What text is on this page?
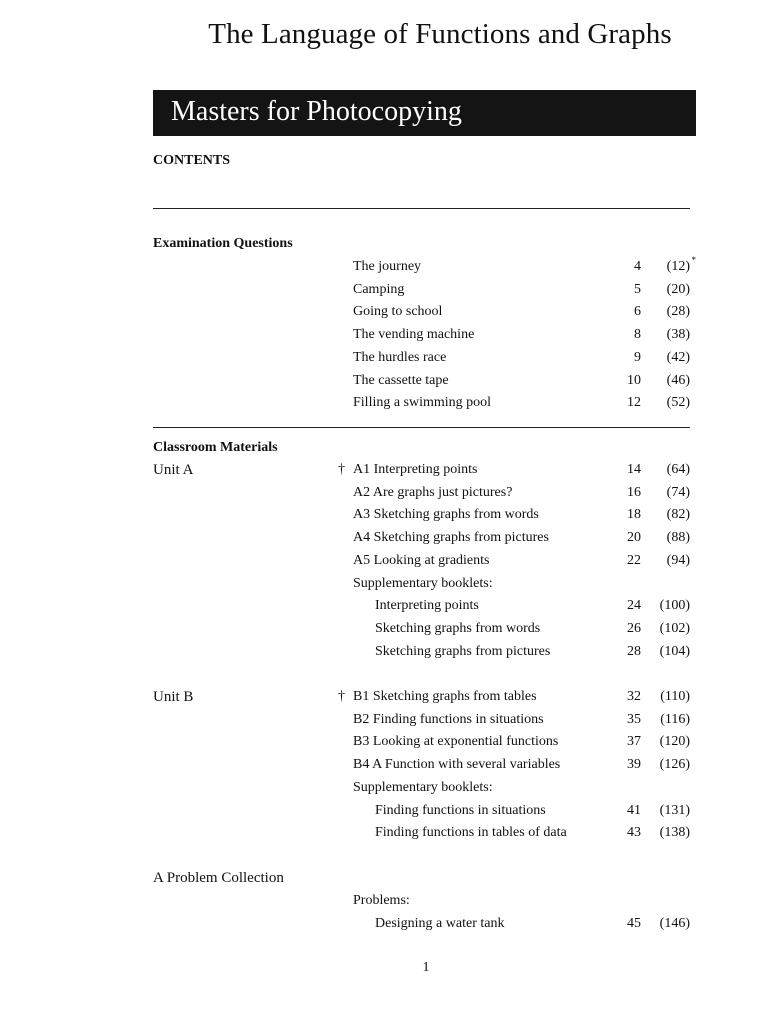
The Language of Functions and Graphs
Masters for Photocopying
CONTENTS
Examination Questions
The journey	4 (12) *
Camping	5 (20)
Going to school	6 (28)
The vending machine	8 (38)
The hurdles race	9 (42)
The cassette tape	10 (46)
Filling a swimming pool	12 (52)
Classroom Materials
Unit A	† A1 Interpreting points	14 (64)
A2 Are graphs just pictures?	16 (74)
A3 Sketching graphs from words	18 (82)
A4 Sketching graphs from pictures	20 (88)
A5 Looking at gradients	22 (94)
Supplementary booklets:
Interpreting points	24 (100)
Sketching graphs from words	26 (102)
Sketching graphs from pictures	28 (104)
Unit B	† B1 Sketching graphs from tables	32 (110)
B2 Finding functions in situations	35 (116)
B3 Looking at exponential functions	37 (120)
B4 A Function with several variables	39 (126)
Supplementary booklets:
Finding functions in situations	41 (131)
Finding functions in tables of data	43 (138)
A Problem Collection
Problems:
Designing a water tank	45 (146)
1
